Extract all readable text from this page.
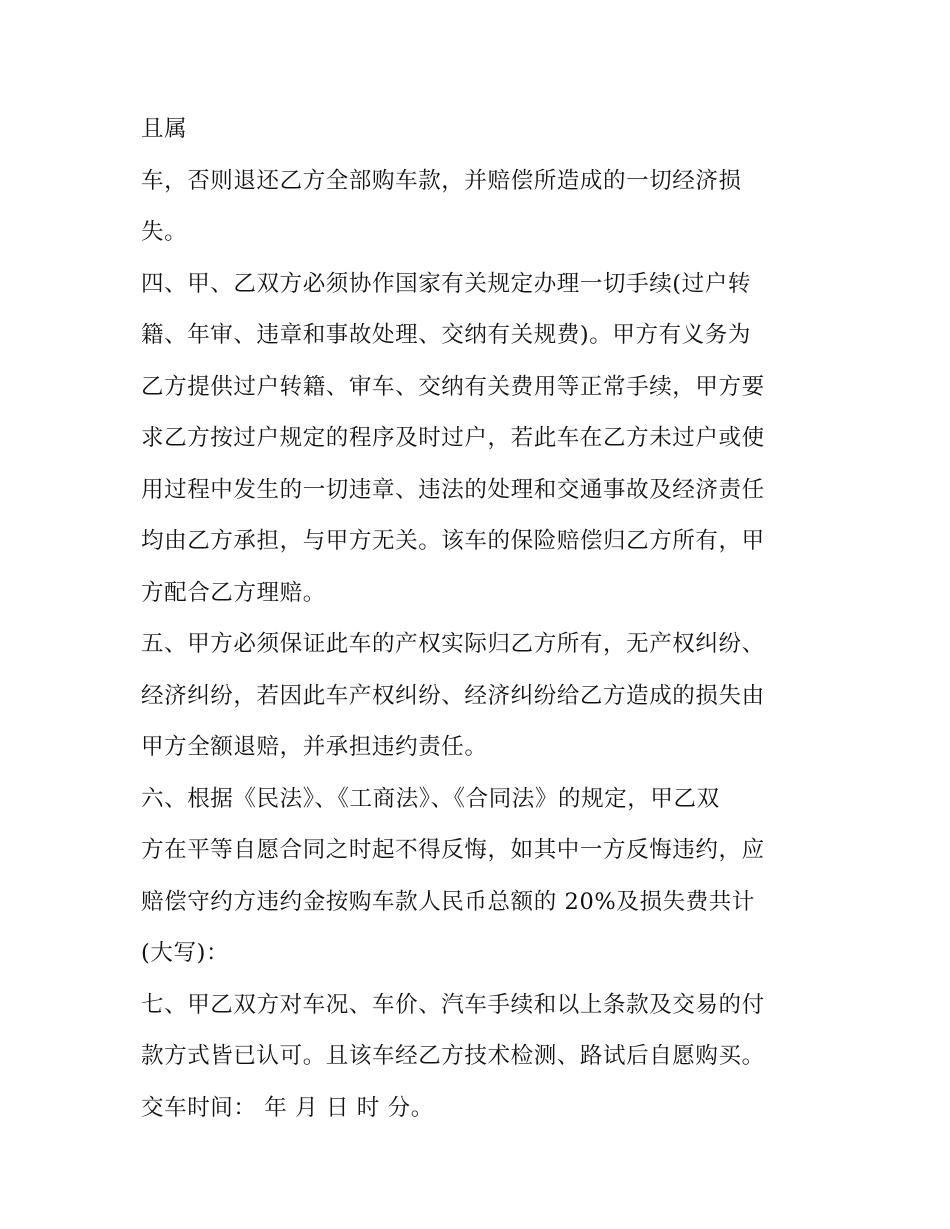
且属
车，否则退还乙方全部购车款，并赔偿所造成的一切经济损
失。
四、甲、乙双方必须协作国家有关规定办理一切手续(过户转
籍、年审、违章和事故处理、交纳有关规费)。甲方有义务为
乙方提供过户转籍、审车、交纳有关费用等正常手续，甲方要
求乙方按过户规定的程序及时过户，若此车在乙方未过户或使
用过程中发生的一切违章、违法的处理和交通事故及经济责任
均由乙方承担，与甲方无关。该车的保险赔偿归乙方所有，甲
方配合乙方理赔。
五、甲方必须保证此车的产权实际归乙方所有，无产权纠纷、
经济纠纷，若因此车产权纠纷、经济纠纷给乙方造成的损失由
甲方全额退赔，并承担违约责任。
六、根据《民法》、《工商法》、《合同法》的规定，甲乙双
方在平等自愿合同之时起不得反悔，如其中一方反悔违约，应
赔偿守约方违约金按购车款人民币总额的 20%及损失费共计
(大写)：
七、甲乙双方对车况、车价、汽车手续和以上条款及交易的付
款方式皆已认可。且该车经乙方技术检测、路试后自愿购买。
交车时间： 年 月 日 时 分。
